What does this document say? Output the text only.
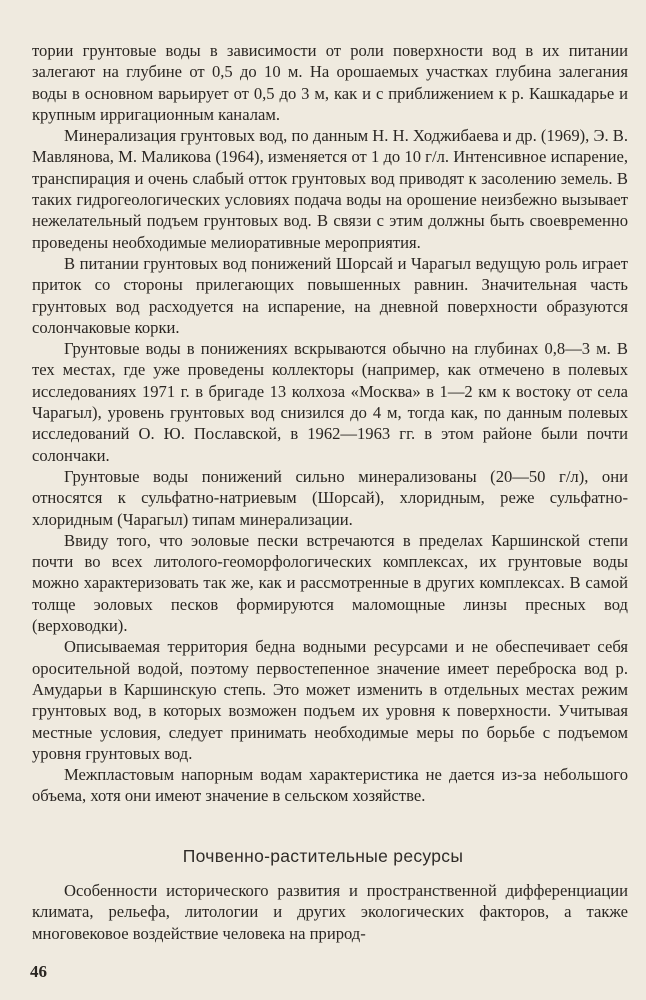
тории грунтовые воды в зависимости от роли поверхности вод в их питании залегают на глубине от 0,5 до 10 м. На орошаемых участках глубина залегания воды в основном варьирует от 0,5 до 3 м, как и с приближением к р. Кашкадарье и крупным ирригационным каналам.

Минерализация грунтовых вод, по данным Н. Н. Ходжибаева и др. (1969), Э. В. Мавлянова, М. Маликова (1964), изменяется от 1 до 10 г/л. Интенсивное испарение, транспирация и очень слабый отток грунтовых вод приводят к засолению земель. В таких гидрогеологических условиях подача воды на орошение неизбежно вызывает нежелательный подъем грунтовых вод. В связи с этим должны быть своевременно проведены необходимые мелиоративные мероприятия.

В питании грунтовых вод понижений Шорсай и Чарагыл ведущую роль играет приток со стороны прилегающих повышенных равнин. Значительная часть грунтовых вод расходуется на испарение, на дневной поверхности образуются солончаковые корки.

Грунтовые воды в понижениях вскрываются обычно на глубинах 0,8—3 м. В тех местах, где уже проведены коллекторы (например, как отмечено в полевых исследованиях 1971 г. в бригаде 13 колхоза «Москва» в 1—2 км к востоку от села Чарагыл), уровень грунтовых вод снизился до 4 м, тогда как, по данным полевых исследований О. Ю. Пославской, в 1962—1963 гг. в этом районе были почти солончаки.

Грунтовые воды понижений сильно минерализованы (20—50 г/л), они относятся к сульфатно-натриевым (Шорсай), хлоридным, реже сульфатно-хлоридным (Чарагыл) типам минерализации.

Ввиду того, что эоловые пески встречаются в пределах Каршинской степи почти во всех литолого-геоморфологических комплексах, их грунтовые воды можно характеризовать так же, как и рассмотренные в других комплексах. В самой толще эоловых песков формируются маломощные линзы пресных вод (верховодки).

Описываемая территория бедна водными ресурсами и не обеспечивает себя оросительной водой, поэтому первостепенное значение имеет переброска вод р. Амударьи в Каршинскую степь. Это может изменить в отдельных местах режим грунтовых вод, в которых возможен подъем их уровня к поверхности. Учитывая местные условия, следует принимать необходимые меры по борьбе с подъемом уровня грунтовых вод.

Межпластовым напорным водам характеристика не дается из-за небольшого объема, хотя они имеют значение в сельском хозяйстве.

Почвенно-растительные ресурсы

Особенности исторического развития и пространственной дифференциации климата, рельефа, литологии и других экологических факторов, а также многовековое воздействие человека на природ-

46
